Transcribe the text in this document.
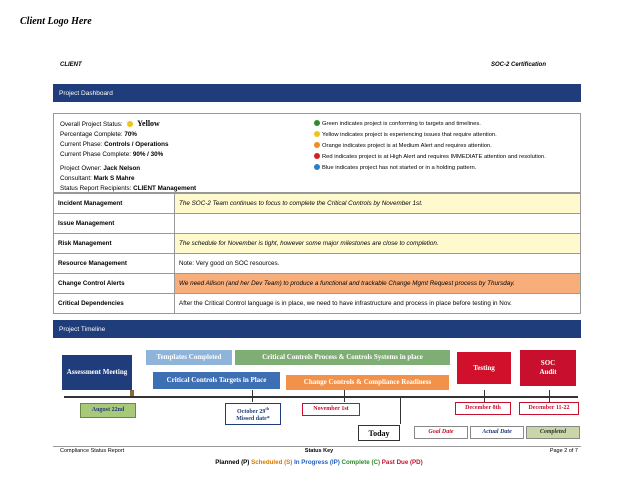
Client Logo Here
CLIENT	SOC-2 Certification
Project Dashboard
Overall Project Status: Yellow
Percentage Complete: 70%
Current Phase: Controls / Operations
Current Phase Complete: 90% / 30%
Project Owner: Jack Nelson
Consultant: Mark S Mahre
Status Report Recipients: CLIENT Management
Green indicates project is conforming to targets and timelines.
Yellow indicates project is experiencing issues that require attention.
Orange indicates project is at Medium Alert and requires attention.
Red indicates project is at High Alert and requires IMMEDIATE attention and resolution.
Blue indicates project has not started or in a holding pattern.
Incident Management	The SOC-2 Team continues to focus to complete the Critical Controls by November 1st.
Issue Management	
Risk Management	The schedule for November is tight, however some major milestones are close to completion.
Resource Management	Note: Very good on SOC resources.
Change Control Alerts	We need Allison (and her Dev Team) to produce a functional and trackable Change Mgmt Request process by Thursday.
Critical Dependencies	After the Critical Control language is in place, we need to have infrastructure and process in place before testing in Nov.
Project Timeline
Assessment Meeting
Templates Completed	Critical Controls Process & Controls Systems in place
Critical Controls Targets in Place	Change Controls & Compliance Readiness
Testing
SOC Audit
August 22nd	October 29th
Missed date*
November 1st	December 8th	December 11-22
Today	Goal Date	Actual Date	Completed
Compliance Status Report	Status Key	Page 2 of 7
Planned (P) Scheduled (S) In Progress (IP) Complete (C) Past Due (PD)
